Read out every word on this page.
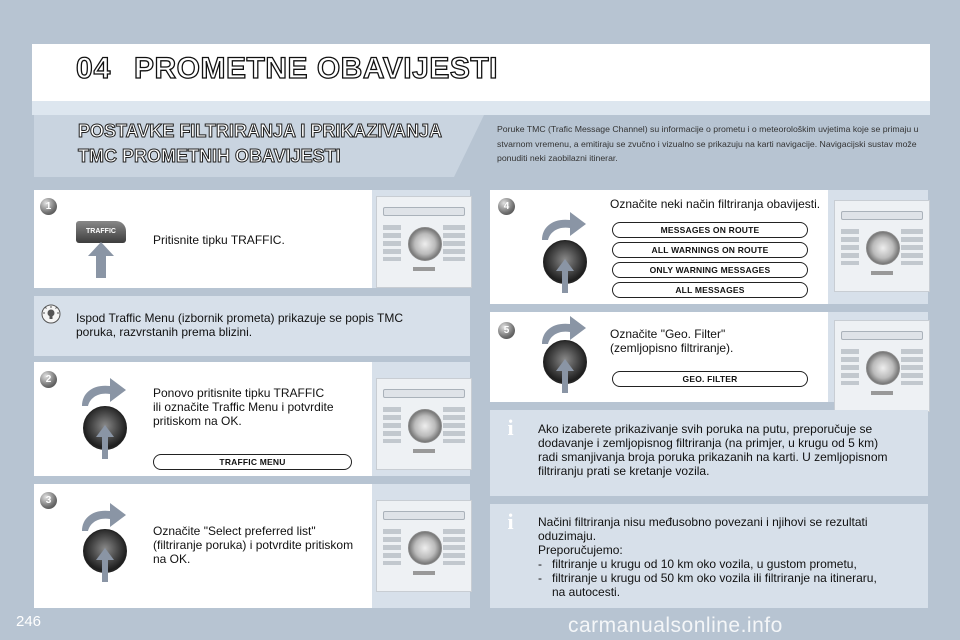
04 PROMETNE OBAVIJESTI
POSTAVKE FILTRIRANJA I PRIKAZIVANJA
TMC PROMETNIH OBAVIJESTI
Poruke TMC (Trafic Message Channel) su informacije o prometu i o meteorološkim uvjetima koje se primaju u stvarnom vremenu, a emitiraju se zvučno i vizualno se prikazuju na karti navigacije. Navigacijski sustav može ponuditi neki zaobilazni itinerar.
1
TRAFFIC
Pritisnite tipku TRAFFIC.
Ispod Traffic Menu (izbornik prometa) prikazuje se popis TMC poruka, razvrstanih prema blizini.
2
Ponovo pritisnite tipku TRAFFIC
ili označite Traffic Menu i potvrdite
pritiskom na OK.
TRAFFIC MENU
3
Označite "Select preferred list"
(filtriranje poruka) i potvrdite pritiskom
na OK.
4	Označite neki način filtriranja obavijesti.
MESSAGES ON ROUTE
ALL WARNINGS ON ROUTE
ONLY WARNING MESSAGES
ALL MESSAGES
5	Označite "Geo. Filter"
(zemljopisno filtriranje).
GEO. FILTER
i Ako izaberete prikazivanje svih poruka na putu, preporučuje se
dodavanje i zemljopisnog filtriranja (na primjer, u krugu od 5 km)
radi smanjivanja broja poruka prikazanih na karti. U zemljopisnom
filtriranju prati se kretanje vozila.
i Načini filtriranja nisu međusobno povezani i njihovi se rezultati
oduzimaju.
Preporučujemo:
- filtriranje u krugu od 10 km oko vozila, u gustom prometu,
- filtriranje u krugu od 50 km oko vozila ili filtriranje na itineraru,
na autocesti.
246	carmanualsonline.info
